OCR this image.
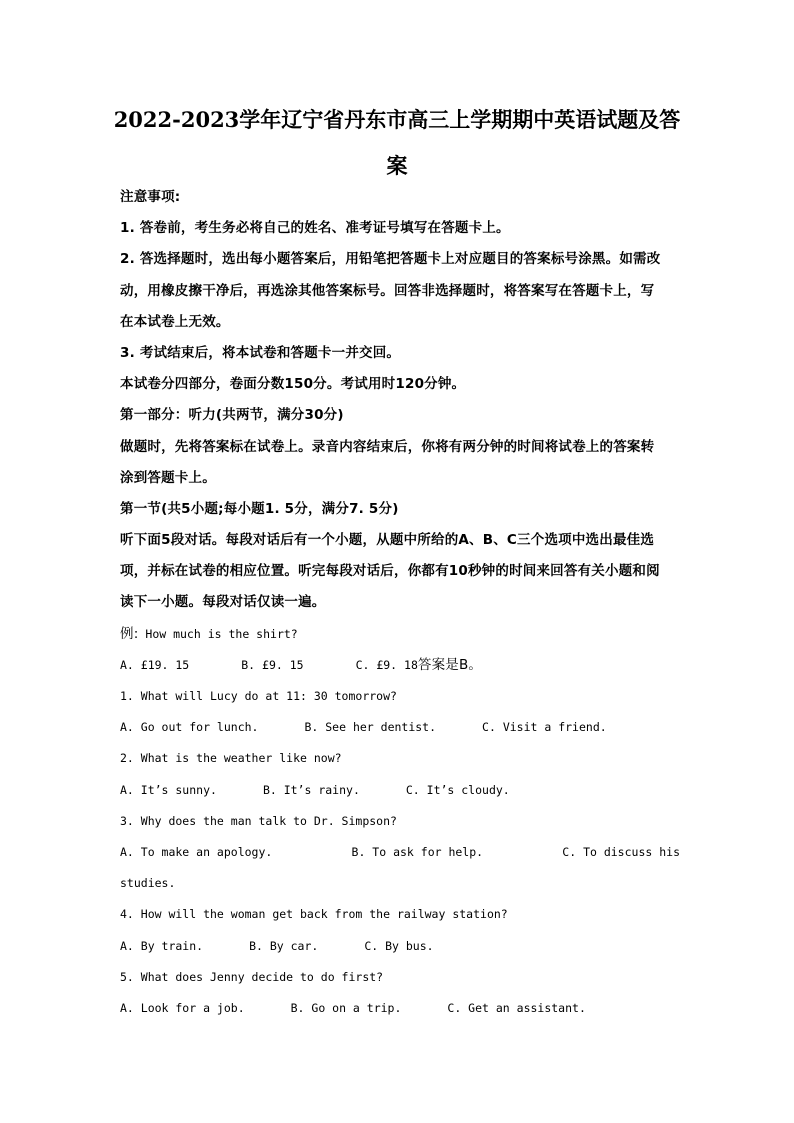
2022-2023学年辽宁省丹东市高三上学期期中英语试题及答
案
注意事项:
1. 答卷前，考生务必将自己的姓名、准考证号填写在答题卡上。
2. 答选择题时，选出每小题答案后，用铅笔把答题卡上对应题目的答案标号涂黑。如需改
动，用橡皮擦干净后，再选涂其他答案标号。回答非选择题时，将答案写在答题卡上，写
在本试卷上无效。
3. 考试结束后，将本试卷和答题卡一并交回。
本试卷分四部分，卷面分数150分。考试用时120分钟。
第一部分：听力(共两节，满分30分)
做题时，先将答案标在试卷上。录音内容结束后，你将有两分钟的时间将试卷上的答案转
涂到答题卡上。
第一节(共5小题;每小题1. 5分，满分7. 5分)
听下面5段对话。每段对话后有一个小题，从题中所给的A、B、C三个选项中选出最佳选
项，并标在试卷的相应位置。听完每段对话后，你都有10秒钟的时间来回答有关小题和阅
读下一小题。每段对话仅读一遍。
例: How much is the shirt?
A. £19. 15	B. £9. 15	C. £9. 18答案是B。
1. What will Lucy do at 11: 30 tomorrow?
A. Go out for lunch.	B. See her dentist.	C. Visit a friend.
2. What is the weather like now?
A. It’s sunny.	B. It’s rainy.	C. It’s cloudy.
3. Why does the man talk to Dr. Simpson?
A. To make an apology.	B. To ask for help.	C. To discuss his
studies.
4. How will the woman get back from the railway station?
A. By train.	B. By car.	C. By bus.
5. What does Jenny decide to do first?
A. Look for a job.	B. Go on a trip.	C. Get an assistant.
